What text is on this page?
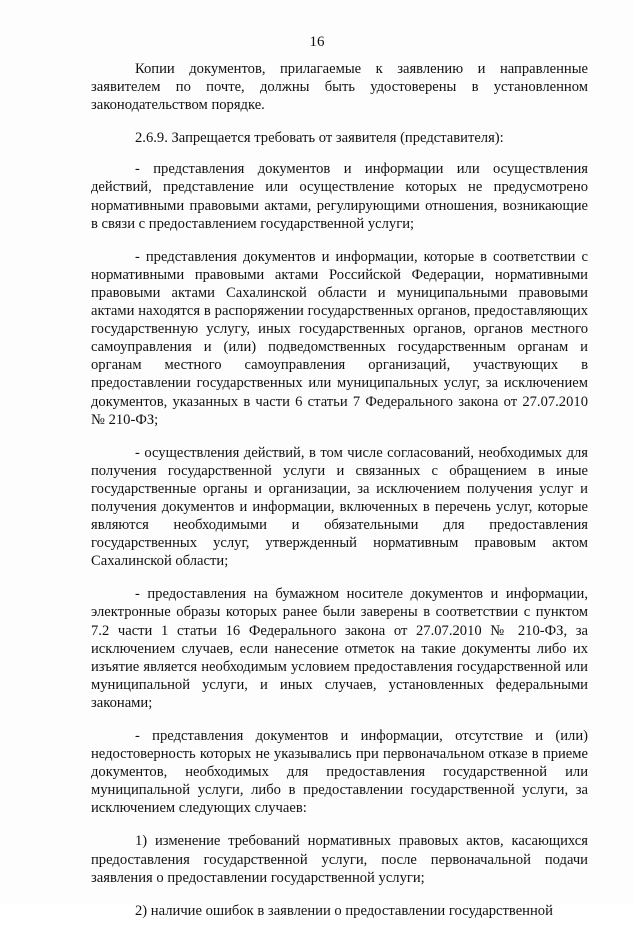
16

Копии документов, прилагаемые к заявлению и направленные заявителем по почте, должны быть удостоверены в установленном законодательством порядке.

2.6.9. Запрещается требовать от заявителя (представителя):

- представления документов и информации или осуществления действий, представление или осуществление которых не предусмотрено нормативными правовыми актами, регулирующими отношения, возникающие в связи с предоставлением государственной услуги;

- представления документов и информации, которые в соответствии с нормативными правовыми актами Российской Федерации, нормативными правовыми актами Сахалинской области и муниципальными правовыми актами находятся в распоряжении государственных органов, предоставляющих государственную услугу, иных государственных органов, органов местного самоуправления и (или) подведомственных государственным органам и органам местного самоуправления организаций, участвующих в предоставлении государственных или муниципальных услуг, за исключением документов, указанных в части 6 статьи 7 Федерального закона от 27.07.2010 № 210-ФЗ;

- осуществления действий, в том числе согласований, необходимых для получения государственной услуги и связанных с обращением в иные государственные органы и организации, за исключением получения услуг и получения документов и информации, включенных в перечень услуг, которые являются необходимыми и обязательными для предоставления государственных услуг, утвержденный нормативным правовым актом Сахалинской области;

- предоставления на бумажном носителе документов и информации, электронные образы которых ранее были заверены в соответствии с пунктом 7.2 части 1 статьи 16 Федерального закона от 27.07.2010 № 210-ФЗ, за исключением случаев, если нанесение отметок на такие документы либо их изъятие является необходимым условием предоставления государственной или муниципальной услуги, и иных случаев, установленных федеральными законами;

- представления документов и информации, отсутствие и (или) недостоверность которых не указывались при первоначальном отказе в приеме документов, необходимых для предоставления государственной или муниципальной услуги, либо в предоставлении государственной услуги, за исключением следующих случаев:

1) изменение требований нормативных правовых актов, касающихся предоставления государственной услуги, после первоначальной подачи заявления о предоставлении государственной услуги;

2) наличие ошибок в заявлении о предоставлении государственной
